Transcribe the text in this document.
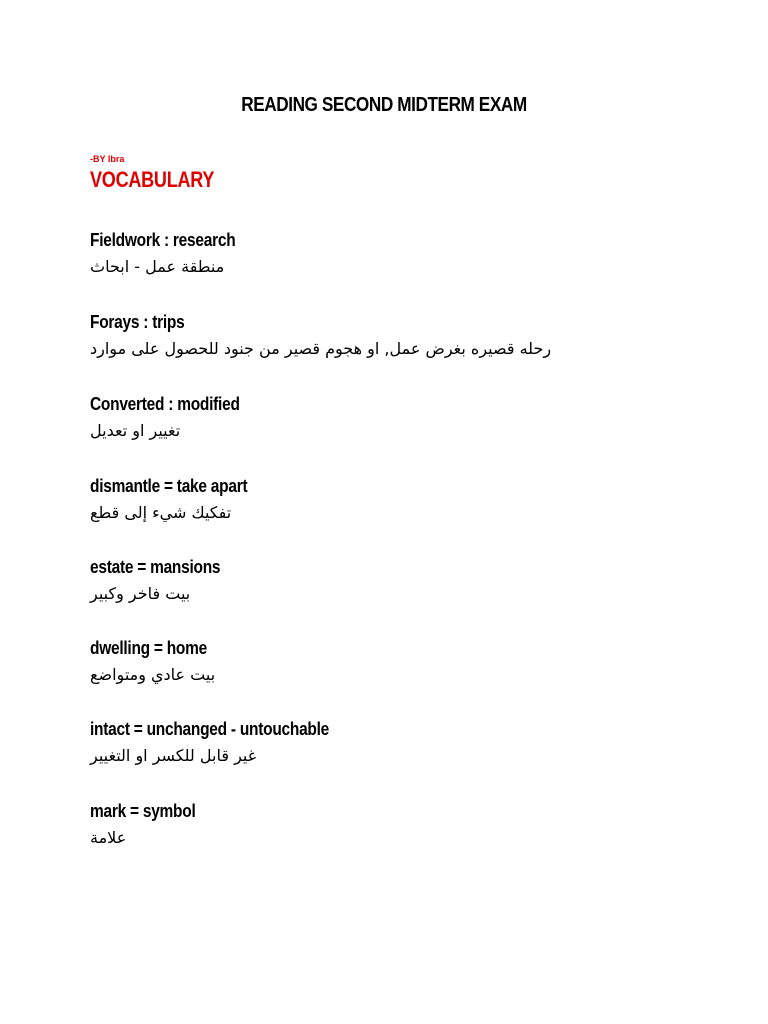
READING SECOND MIDTERM EXAM
-BY Ibra
VOCABULARY
Fieldwork : research
منطقة عمل - ابحاث
Forays : trips
رحله قصيره بغرض عمل, او هجوم قصير من جنود للحصول على موارد
Converted : modified
تغيير او تعديل
dismantle = take apart
تفكيك شيء إلى قطع
estate = mansions
بيت فاخر وكبير
dwelling = home
بيت عادي ومتواضع
intact = unchanged - untouchable
غير قابل للكسر او التغيير
mark = symbol
علامة
